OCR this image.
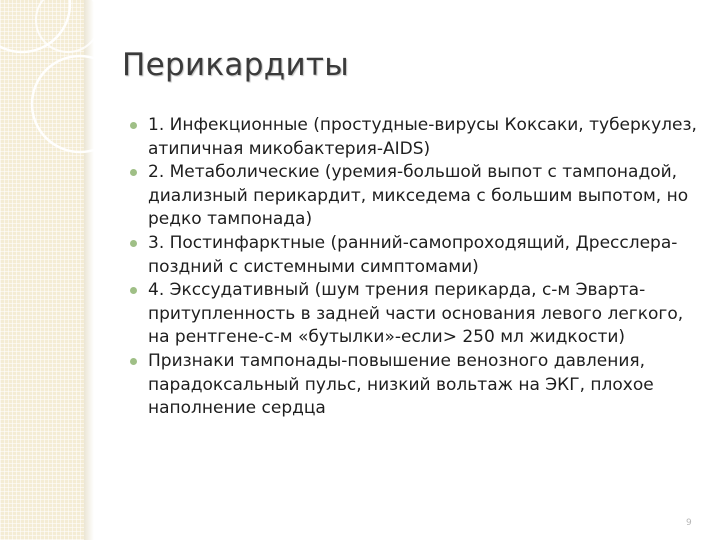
Перикардиты
1. Инфекционные (простудные-вирусы Коксаки, туберкулез, атипичная микобактерия-AIDS)
2. Метаболические (уремия-большой выпот с тампонадой, диализный перикардит, микседема с большим выпотом, но редко тампонада)
3. Постинфарктные (ранний-самопроходящий, Дресслера-поздний с системными симптомами)
4. Экссудативный (шум трения перикарда, с-м Эварта-притупленность в задней части основания левого легкого, на рентгене-с-м «бутылки»-если> 250 мл жидкости)
Признаки тампонады-повышение венозного давления, парадоксальный пульс, низкий вольтаж на ЭКГ, плохое наполнение сердца
9
